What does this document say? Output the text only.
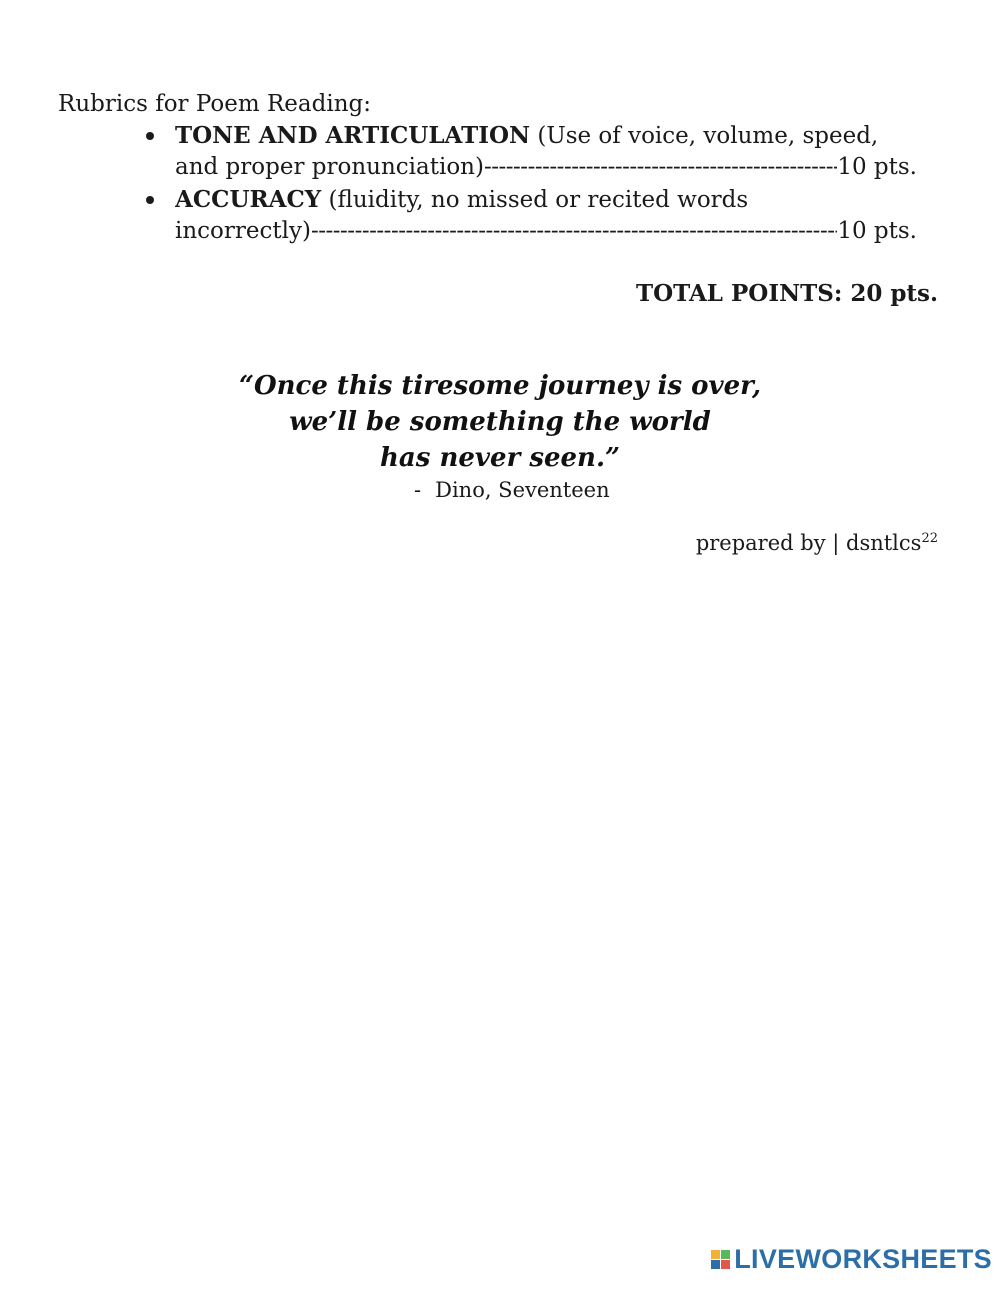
Rubrics for Poem Reading:
TONE AND ARTICULATION (Use of voice, volume, speed,
and proper pronunciation) -----	10 pts.
ACCURACY (fluidity, no missed or recited words
incorrectly) -----	10 pts.
TOTAL POINTS: 20 pts.
“Once this tiresome journey is over,
we’ll be something the world
has never seen.”
- Dino, Seventeen
prepared by | dsntlcs$^{22}$
LIVEWORKSHEETS
